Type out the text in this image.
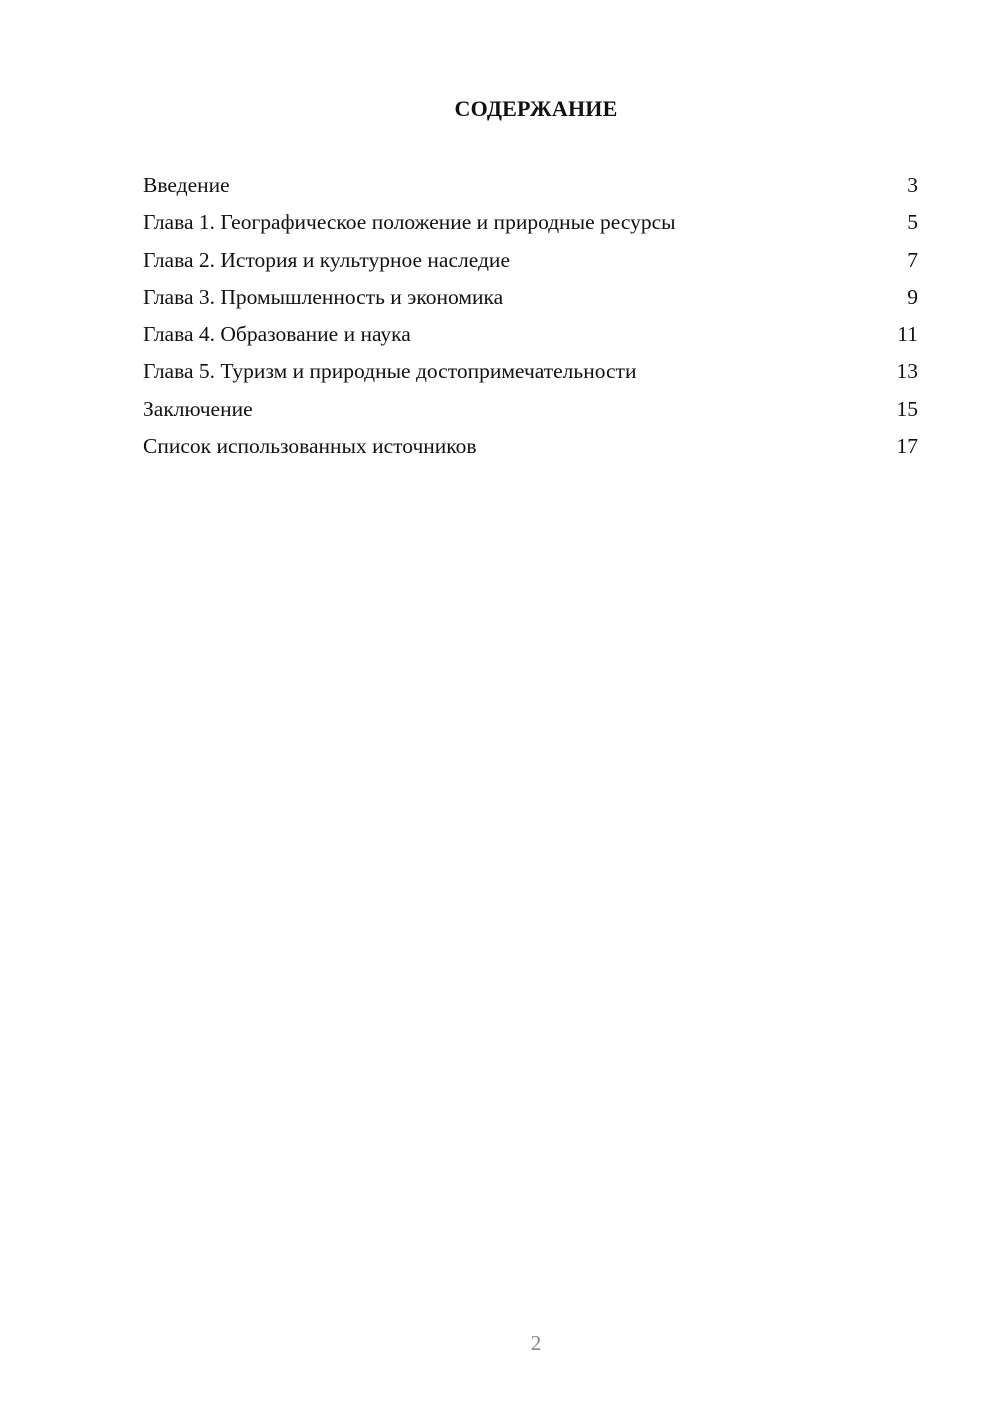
СОДЕРЖАНИЕ
Введение	3
Глава 1. Географическое положение и природные ресурсы	5
Глава 2. История и культурное наследие	7
Глава 3. Промышленность и экономика	9
Глава 4. Образование и наука	11
Глава 5. Туризм и природные достопримечательности	13
Заключение	15
Список использованных источников	17
2
